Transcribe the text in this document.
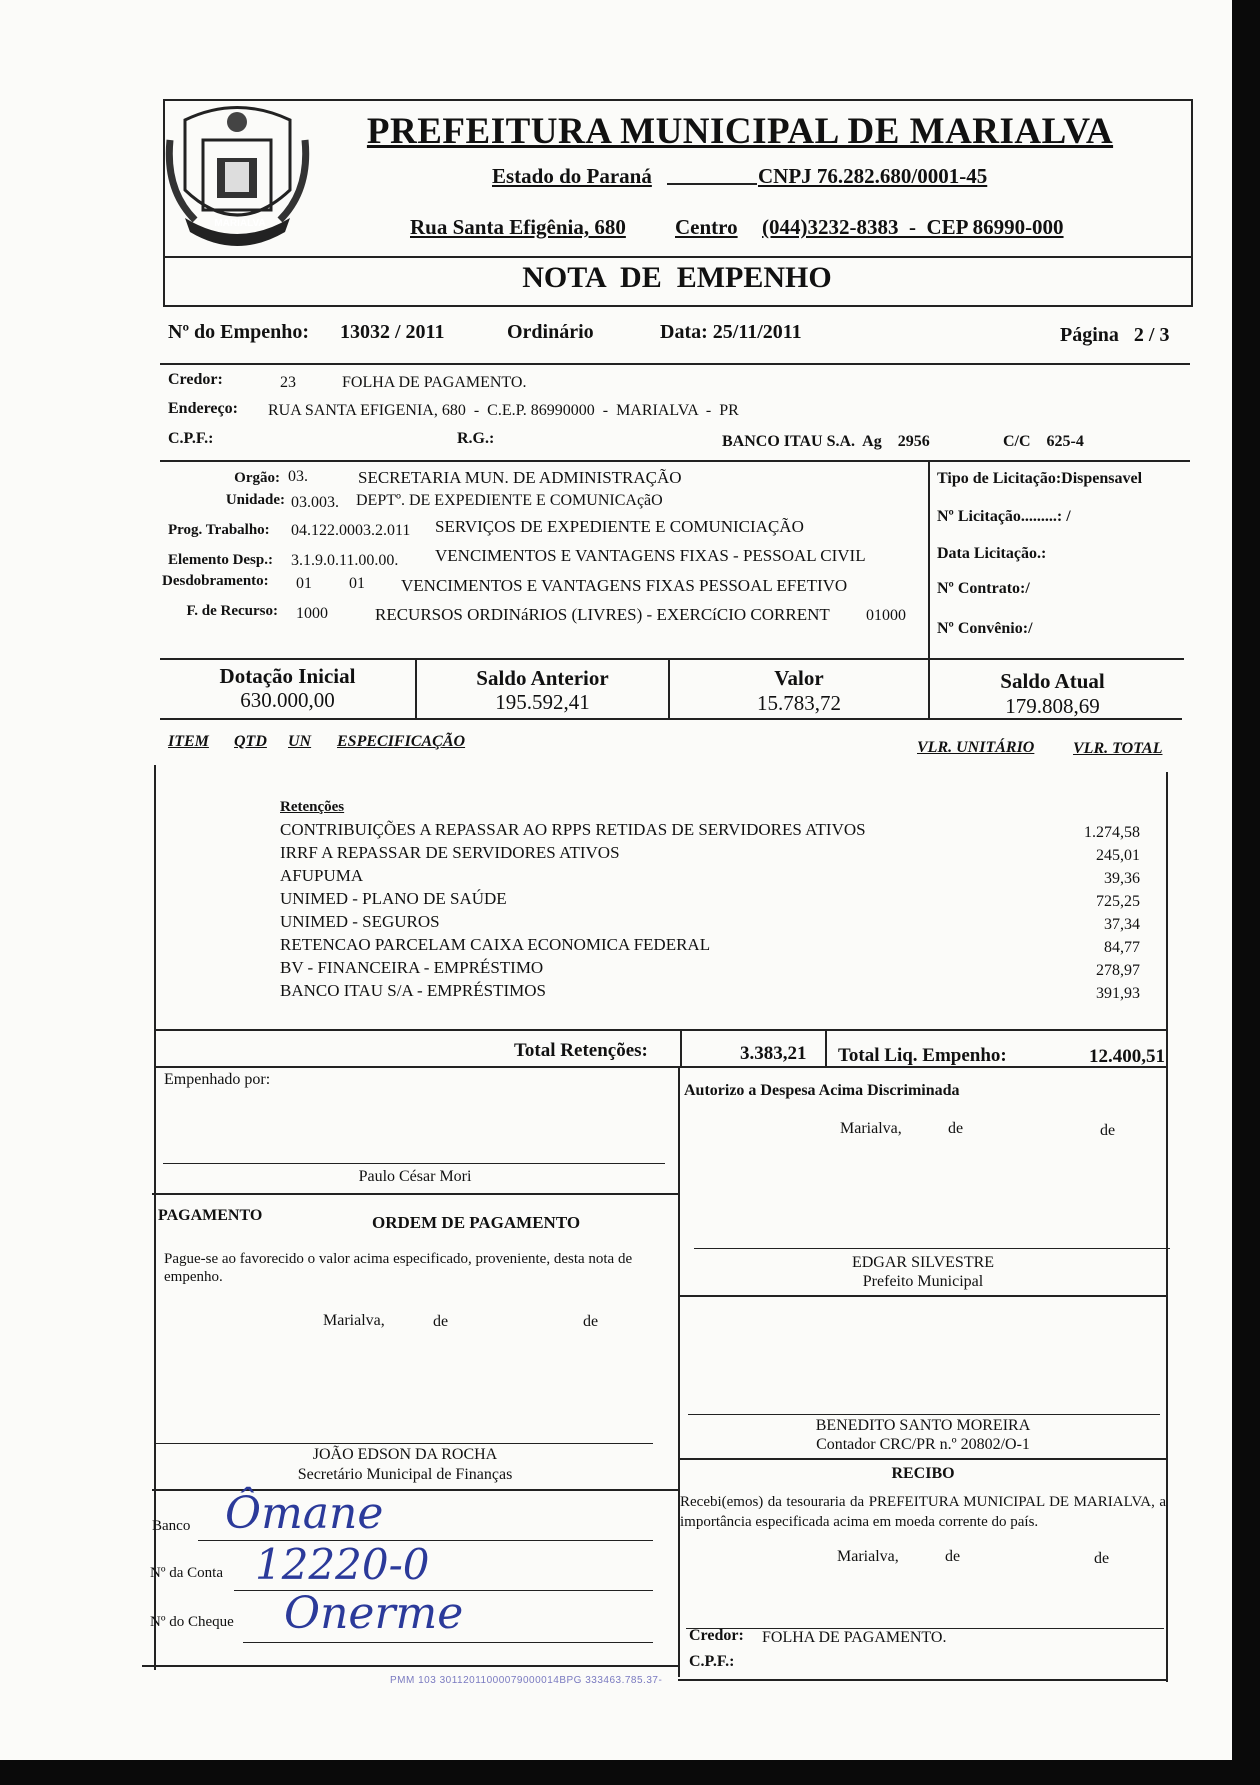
MARIALVA
PREFEITURA MUNICIPAL DE MARIALVA
Estado do Paraná	CNPJ 76.282.680/0001-45
Rua Santa Efigênia, 680 Centro (044)3232-8383  -  CEP 86990-000
NOTA  DE  EMPENHO
Nº do Empenho: 13032 / 2011	Ordinário	Data: 25/11/2011	Página   2 / 3
Credor:	23	FOLHA DE PAGAMENTO.
Endereço: RUA SANTA EFIGENIA, 680  -  C.E.P. 86990000  -  MARIALVA  -  PR
C.P.F.:	R.G.:	BANCO ITAU S.A.  Ag    2956	C/C    625-4
Orgão: 03.	SECRETARIA MUN. DE ADMINISTRAÇÃO
Unidade: 03.003. DEPTº. DE EXPEDIENTE E COMUNICAçãO
Prog. Trabalho: 04.122.0003.2.011 SERVIÇOS DE EXPEDIENTE E COMUNICIAÇÃO
Elemento Desp.: 3.1.9.0.11.00.00. VENCIMENTOS E VANTAGENS FIXAS - PESSOAL CIVIL
Desdobramento: 01 01 VENCIMENTOS E VANTAGENS FIXAS PESSOAL EFETIVO
F. de Recurso: 1000	RECURSOS ORDINáRIOS (LIVRES) - EXERCíCIO CORRENT 01000
Tipo de Licitação:Dispensavel
Nº Licitação.........: /
Data Licitação.:
Nº Contrato:/
Nº Convênio:/
Dotação Inicial
630.000,00
Saldo Anterior
195.592,41
Valor
15.783,72
Saldo Atual
179.808,69
ITEM QTD UN ESPECIFICAÇÃO	VLR. UNITÁRIO VLR. TOTAL
Retenções
CONTRIBUIÇÕES A REPASSAR AO RPPS RETIDAS DE SERVIDORES ATIVOS	1.274,58
IRRF A REPASSAR DE SERVIDORES ATIVOS	245,01
AFUPUMA	39,36
UNIMED - PLANO DE SAÚDE	725,25
UNIMED - SEGUROS	37,34
RETENCAO PARCELAM CAIXA ECONOMICA FEDERAL	84,77
BV - FINANCEIRA - EMPRÉSTIMO	278,97
BANCO ITAU S/A - EMPRÉSTIMOS	391,93
Total Retenções:	3.383,21 Total Liq. Empenho:	12.400,51
Empenhado por:
Paulo César Mori
Autorizo a Despesa Acima Discriminada
Marialva,	de	de
PAGAMENTO	ORDEM DE PAGAMENTO
Pague-se ao favorecido o valor acima especificado, proveniente, desta nota de empenho.
Marialva,	de	de
EDGAR SILVESTRE
Prefeito Municipal
BENEDITO SANTO MOREIRA
Contador CRC/PR n.º 20802/O-1
JOÃO EDSON DA ROCHA
Secretário Municipal de Finanças	RECIBO
Recebi(emos) da tesouraria da PREFEITURA MUNICIPAL DE MARIALVA, a importância especificada acima em moeda corrente do país.
Marialva,	de	de
Banco Ômane
Nº da Conta 12220-0
Nº do Cheque Onerme	Credor: FOLHA DE PAGAMENTO.
C.P.F.:
PMM 103 30112011000079000014BPG 333463.785.37-
